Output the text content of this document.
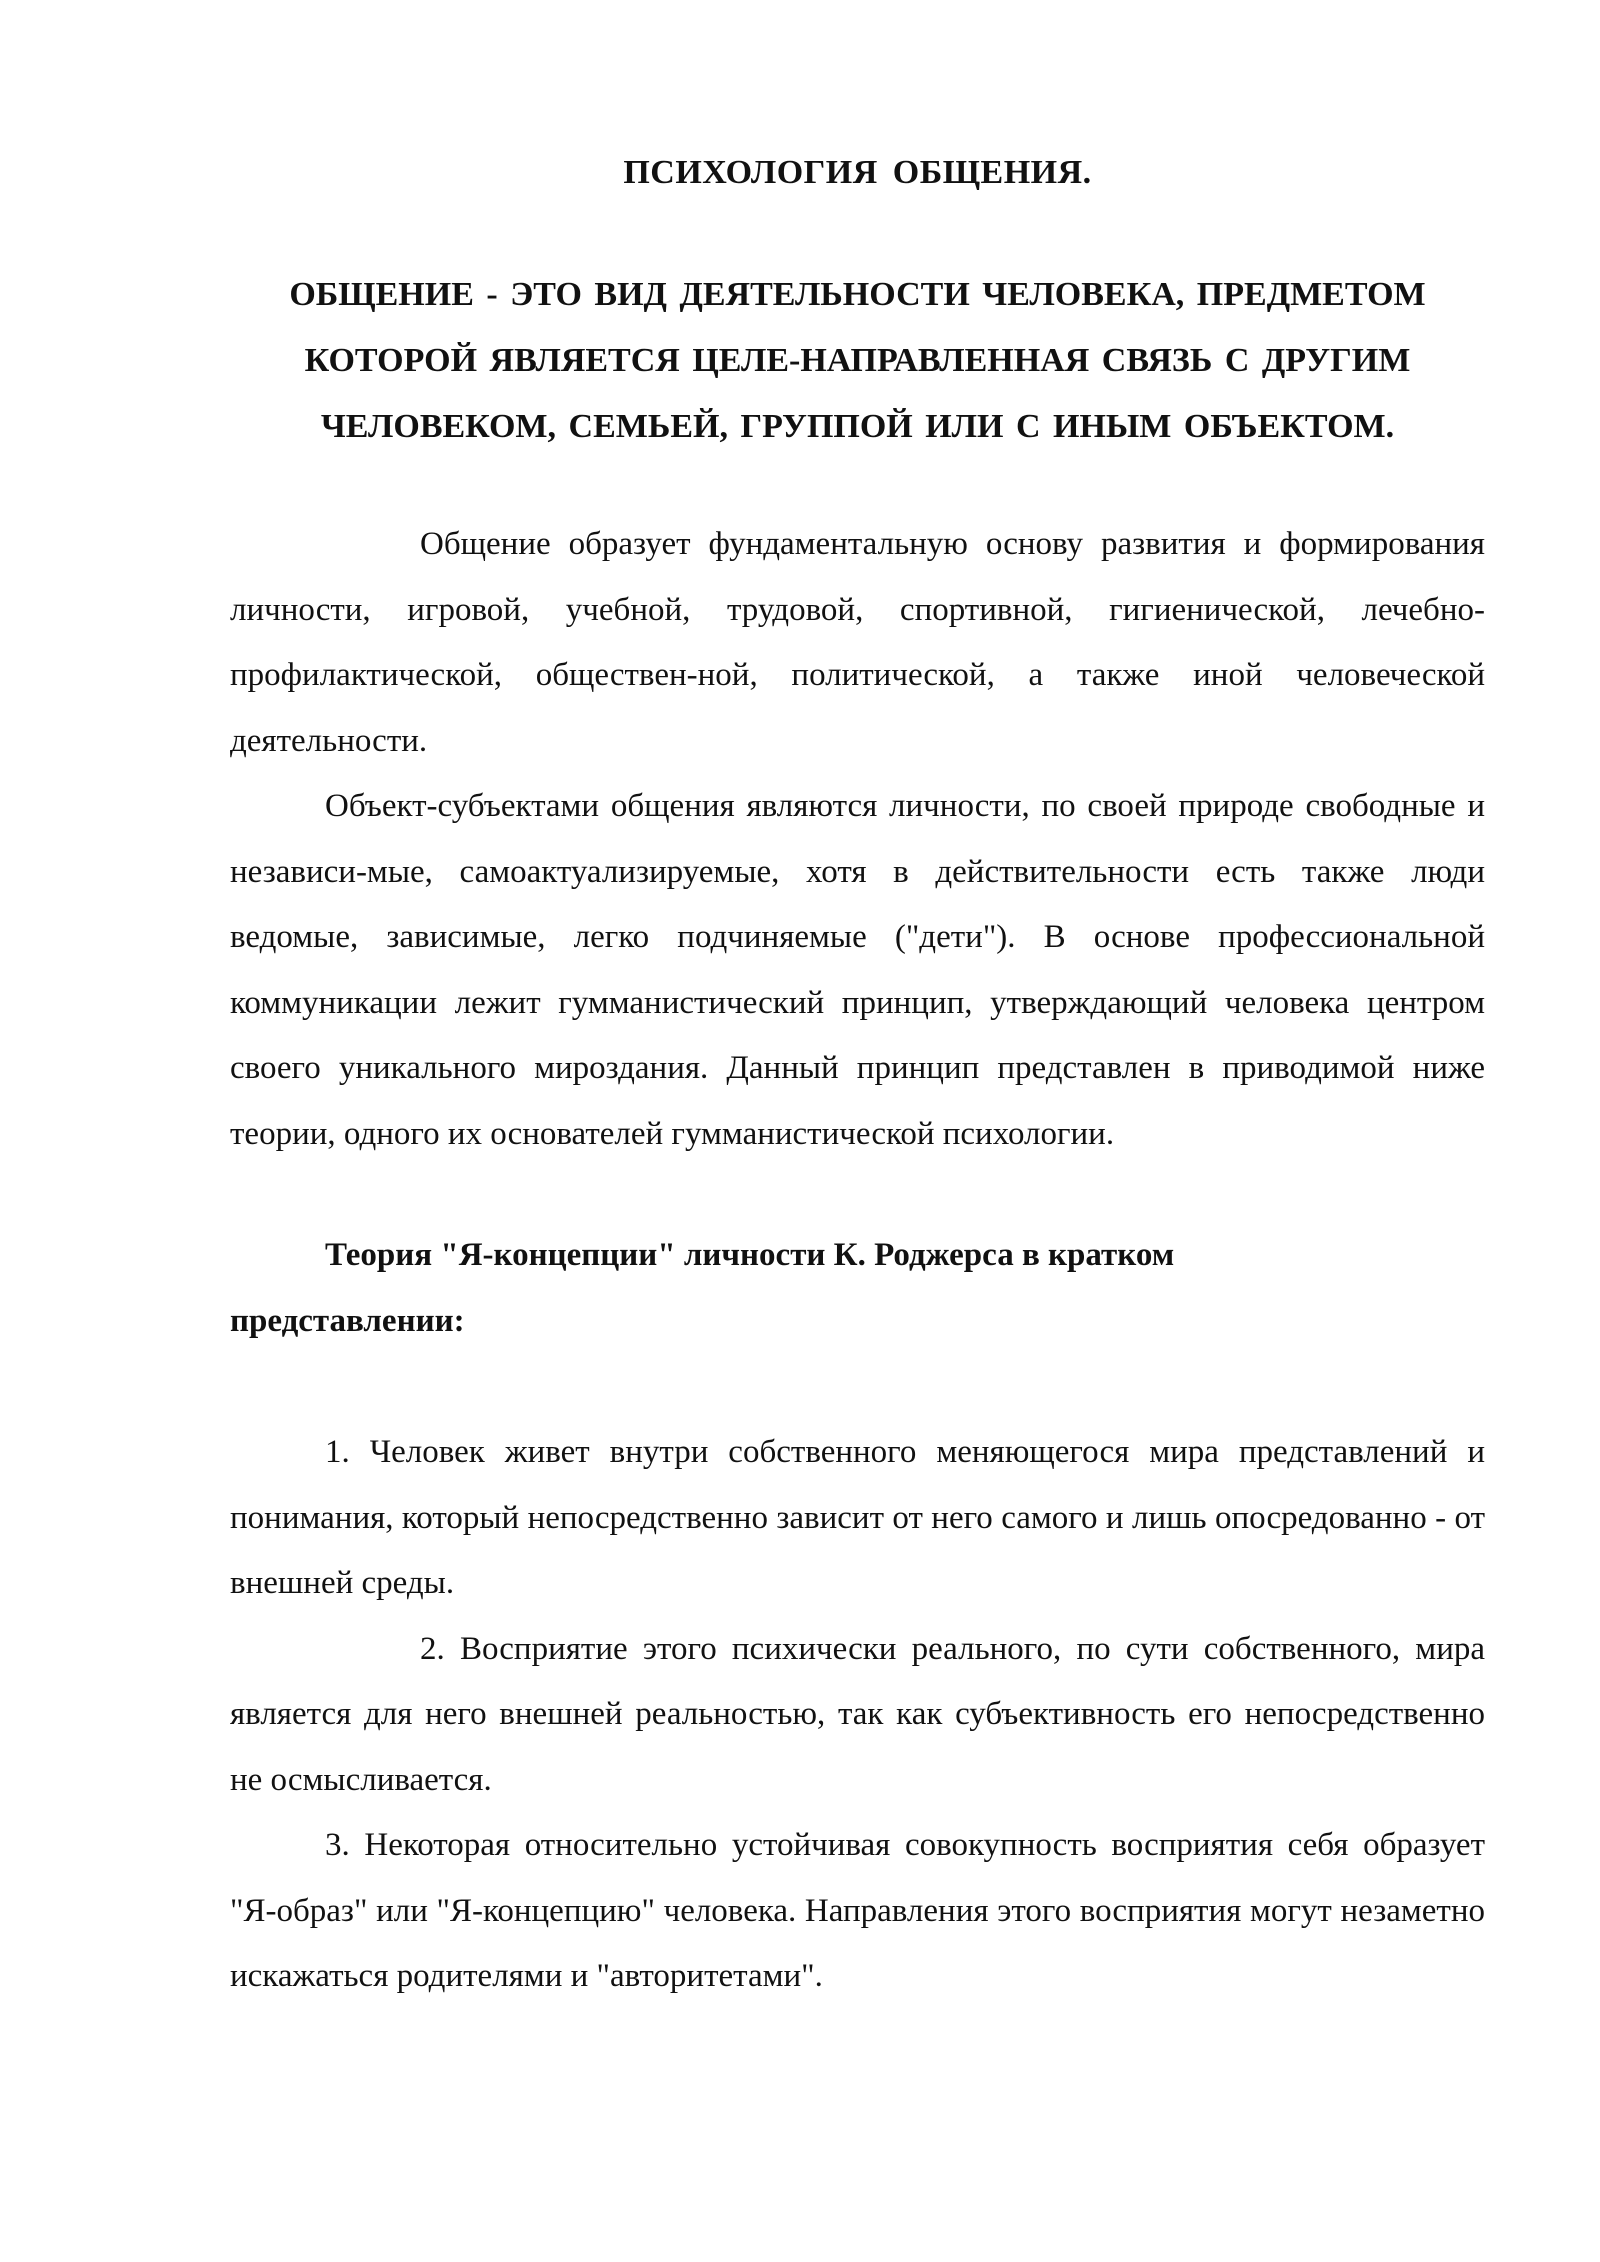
ПСИХОЛОГИЯ ОБЩЕНИЯ.
ОБЩЕНИЕ - ЭТО ВИД ДЕЯТЕЛЬНОСТИ ЧЕЛОВЕКА, ПРЕДМЕТОМ КОТОРОЙ ЯВЛЯЕТСЯ ЦЕЛЕ-НАПРАВЛЕННАЯ СВЯЗЬ С ДРУГИМ ЧЕЛОВЕКОМ, СЕМЬЕЙ, ГРУППОЙ ИЛИ С ИНЫМ ОБЪЕКТОМ.

Общение образует фундаментальную основу развития и формирования личности, игровой, учебной, трудовой, спортивной, гигиенической, лечебно-профилактической, обществен-ной, политической, а также иной человеческой деятельности.

Объект-субъектами общения являются личности, по своей природе свободные и независи-мые, самоактуализируемые, хотя в действительности есть также люди ведомые, зависимые, легко подчиняемые ("дети"). В основе профессиональной коммуникации лежит гумманистический принцип, утверждающий человека центром своего уникального мироздания. Данный принцип представлен в приводимой ниже теории, одного их основателей гумманистической психологии.

Теория "Я-концепции" личности К. Роджерса в кратком представлении:

1. Человек живет внутри собственного меняющегося мира представлений и понимания, который непосредственно зависит от него самого и лишь опосредованно - от внешней среды.

2. Восприятие этого психически реального, по сути собственного, мира является для него внешней реальностью, так как субъективность его непосредственно не осмысливается.

3. Некоторая относительно устойчивая совокупность восприятия себя образует "Я-образ" или "Я-концепцию" человека. Направления этого восприятия могут незаметно искажаться родителями и "авторитетами".
